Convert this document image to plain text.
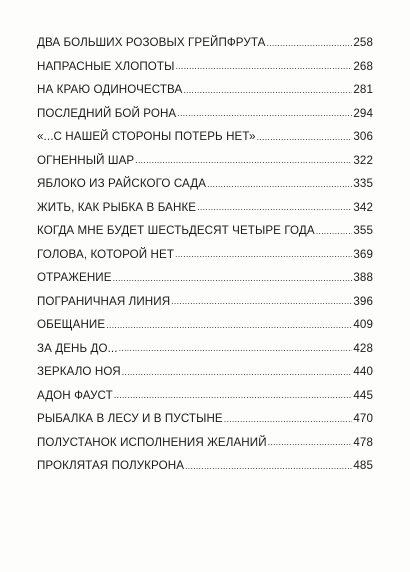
ДВА БОЛЬШИХ РОЗОВЫХ ГРЕЙПФРУТА .....	258
НАПРАСНЫЕ ХЛОПОТЫ .....	268
НА КРАЮ ОДИНОЧЕСТВА .....	281
ПОСЛЕДНИЙ БОЙ РОНА .....	294
«...С НАШЕЙ СТОРОНЫ ПОТЕРЬ НЕТ» .....	306
ОГНЕННЫЙ ШАР .....	322
ЯБЛОКО ИЗ РАЙСКОГО САДА .....	335
ЖИТЬ, КАК РЫБКА В БАНКЕ .....	342
КОГДА МНЕ БУДЕТ ШЕСТЬДЕСЯТ ЧЕТЫРЕ ГОДА .....	355
ГОЛОВА, КОТОРОЙ НЕТ .....	369
ОТРАЖЕНИЕ .....	388
ПОГРАНИЧНАЯ ЛИНИЯ .....	396
ОБЕЩАНИЕ .....	409
ЗА ДЕНЬ ДО... .....	428
ЗЕРКАЛО НОЯ .....	440
АДОН ФАУСТ .....	445
РЫБАЛКА В ЛЕСУ И В ПУСТЫНЕ .....	470
ПОЛУСТАНОК ИСПОЛНЕНИЯ ЖЕЛАНИЙ .....	478
ПРОКЛЯТАЯ ПОЛУКРОНА .....	485
